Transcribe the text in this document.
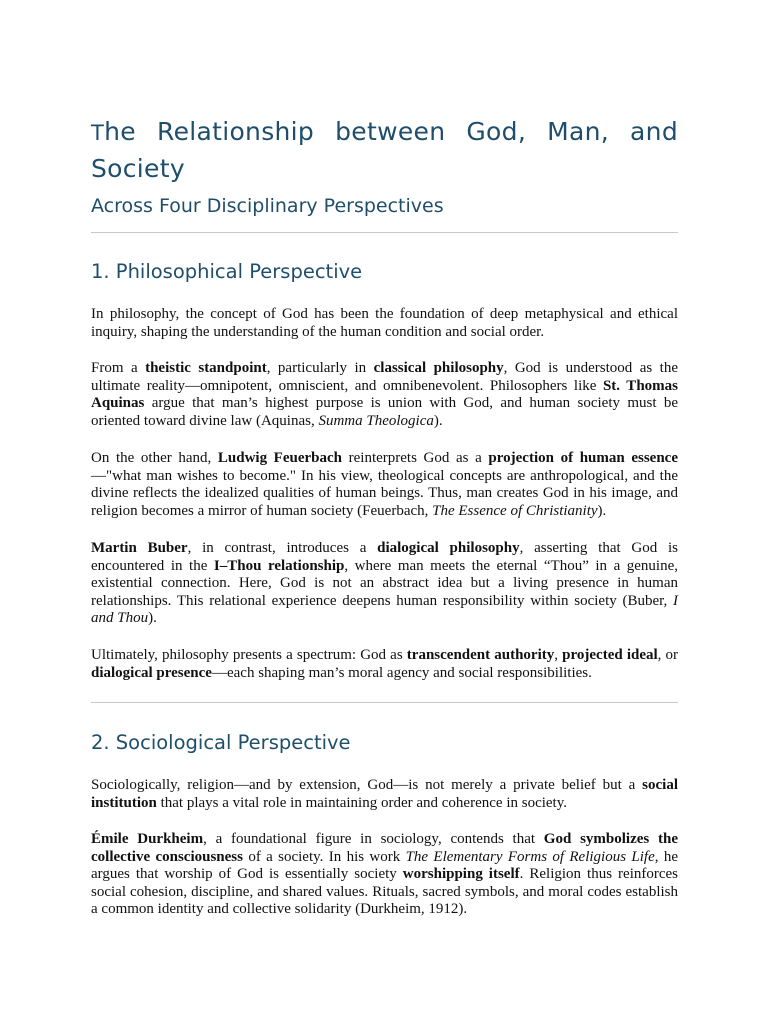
The Relationship between God, Man, and Society
Across Four Disciplinary Perspectives
1. Philosophical Perspective

In philosophy, the concept of God has been the foundation of deep metaphysical and ethical inquiry, shaping the understanding of the human condition and social order.

From a theistic standpoint, particularly in classical philosophy, God is understood as the ultimate reality—omnipotent, omniscient, and omnibenevolent. Philosophers like St. Thomas Aquinas argue that man’s highest purpose is union with God, and human society must be oriented toward divine law (Aquinas, Summa Theologica).

On the other hand, Ludwig Feuerbach reinterprets God as a projection of human essence—"what man wishes to become." In his view, theological concepts are anthropological, and the divine reflects the idealized qualities of human beings. Thus, man creates God in his image, and religion becomes a mirror of human society (Feuerbach, The Essence of Christianity).

Martin Buber, in contrast, introduces a dialogical philosophy, asserting that God is encountered in the I–Thou relationship, where man meets the eternal “Thou” in a genuine, existential connection. Here, God is not an abstract idea but a living presence in human relationships. This relational experience deepens human responsibility within society (Buber, I and Thou).

Ultimately, philosophy presents a spectrum: God as transcendent authority, projected ideal, or dialogical presence—each shaping man’s moral agency and social responsibilities.

2. Sociological Perspective

Sociologically, religion—and by extension, God—is not merely a private belief but a social institution that plays a vital role in maintaining order and coherence in society.

Émile Durkheim, a foundational figure in sociology, contends that God symbolizes the collective consciousness of a society. In his work The Elementary Forms of Religious Life, he argues that worship of God is essentially society worshipping itself. Religion thus reinforces social cohesion, discipline, and shared values. Rituals, sacred symbols, and moral codes establish a common identity and collective solidarity (Durkheim, 1912).
